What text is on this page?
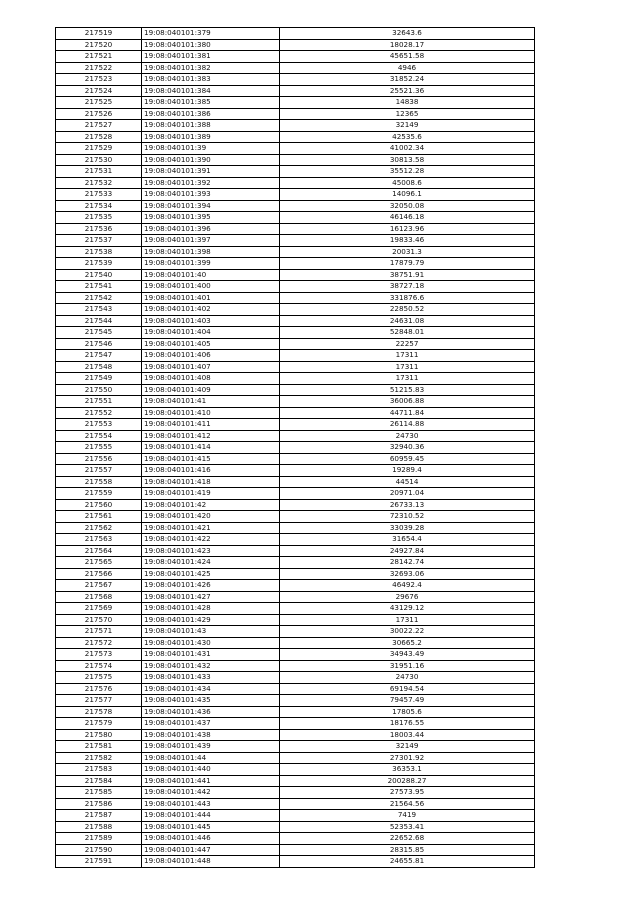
217519	19:08:040101:379	32643.6
217520	19:08:040101:380	18028.17
217521	19:08:040101:381	45651.58
217522	19:08:040101:382	4946
217523	19:08:040101:383	31852.24
217524	19:08:040101:384	25521.36
217525	19:08:040101:385	14838
217526	19:08:040101:386	12365
217527	19:08:040101:388	32149
217528	19:08:040101:389	42535.6
217529	19:08:040101:39	41002.34
217530	19:08:040101:390	30813.58
217531	19:08:040101:391	35512.28
217532	19:08:040101:392	45008.6
217533	19:08:040101:393	14096.1
217534	19:08:040101:394	32050.08
217535	19:08:040101:395	46146.18
217536	19:08:040101:396	16123.96
217537	19:08:040101:397	19833.46
217538	19:08:040101:398	20031.3
217539	19:08:040101:399	17879.79
217540	19:08:040101:40	38751.91
217541	19:08:040101:400	38727.18
217542	19:08:040101:401	331876.6
217543	19:08:040101:402	22850.52
217544	19:08:040101:403	24631.08
217545	19:08:040101:404	52848.01
217546	19:08:040101:405	22257
217547	19:08:040101:406	17311
217548	19:08:040101:407	17311
217549	19:08:040101:408	17311
217550	19:08:040101:409	51215.83
217551	19:08:040101:41	36006.88
217552	19:08:040101:410	44711.84
217553	19:08:040101:411	26114.88
217554	19:08:040101:412	24730
217555	19:08:040101:414	32940.36
217556	19:08:040101:415	60959.45
217557	19:08:040101:416	19289.4
217558	19:08:040101:418	44514
217559	19:08:040101:419	20971.04
217560	19:08:040101:42	26733.13
217561	19:08:040101:420	72310.52
217562	19:08:040101:421	33039.28
217563	19:08:040101:422	31654.4
217564	19:08:040101:423	24927.84
217565	19:08:040101:424	28142.74
217566	19:08:040101:425	32693.06
217567	19:08:040101:426	46492.4
217568	19:08:040101:427	29676
217569	19:08:040101:428	43129.12
217570	19:08:040101:429	17311
217571	19:08:040101:43	30022.22
217572	19:08:040101:430	30665.2
217573	19:08:040101:431	34943.49
217574	19:08:040101:432	31951.16
217575	19:08:040101:433	24730
217576	19:08:040101:434	69194.54
217577	19:08:040101:435	79457.49
217578	19:08:040101:436	17805.6
217579	19:08:040101:437	18176.55
217580	19:08:040101:438	18003.44
217581	19:08:040101:439	32149
217582	19:08:040101:44	27301.92
217583	19:08:040101:440	36353.1
217584	19:08:040101:441	200288.27
217585	19:08:040101:442	27573.95
217586	19:08:040101:443	21564.56
217587	19:08:040101:444	7419
217588	19:08:040101:445	52353.41
217589	19:08:040101:446	22652.68
217590	19:08:040101:447	28315.85
217591	19:08:040101:448	24655.81
